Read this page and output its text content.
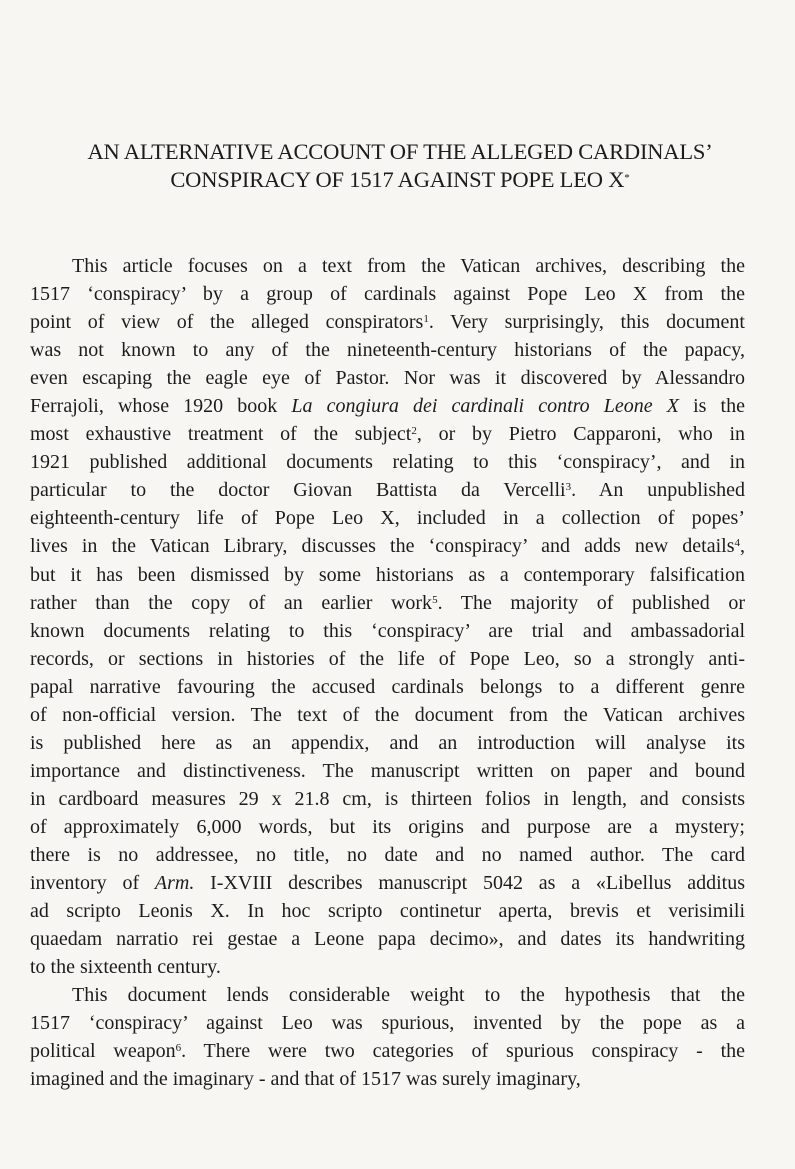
AN ALTERNATIVE ACCOUNT OF THE ALLEGED CARDINALS’
CONSPIRACY OF 1517 AGAINST POPE LEO X*
This article focuses on a text from the Vatican archives, describing the
1517 ‘conspiracy’ by a group of cardinals against Pope Leo X from the
point of view of the alleged conspirators$^1$. Very surprisingly, this document
was not known to any of the nineteenth-century historians of the papacy,
even escaping the eagle eye of Pastor. Nor was it discovered by Alessandro
Ferrajoli, whose 1920 book La congiura dei cardinali contro Leone X is the
most exhaustive treatment of the subject$^2$, or by Pietro Capparoni, who in
1921 published additional documents relating to this ‘conspiracy’, and in
particular to the doctor Giovan Battista da Vercelli$^3$. An unpublished
eighteenth-century life of Pope Leo X, included in a collection of popes’
lives in the Vatican Library, discusses the ‘conspiracy’ and adds new details$^4$,
but it has been dismissed by some historians as a contemporary falsification
rather than the copy of an earlier work$^5$. The majority of published or
known documents relating to this ‘conspiracy’ are trial and ambassadorial
records, or sections in histories of the life of Pope Leo, so a strongly anti-
papal narrative favouring the accused cardinals belongs to a different genre
of non-official version. The text of the document from the Vatican archives
is published here as an appendix, and an introduction will analyse its
importance and distinctiveness. The manuscript written on paper and bound
in cardboard measures 29 x 21.8 cm, is thirteen folios in length, and consists
of approximately 6,000 words, but its origins and purpose are a mystery;
there is no addressee, no title, no date and no named author. The card
inventory of Arm. I-XVIII describes manuscript 5042 as a «Libellus additus
ad scripto Leonis X. In hoc scripto continetur aperta, brevis et verisimili
quaedam narratio rei gestae a Leone papa decimo», and dates its handwriting
to the sixteenth century.
This document lends considerable weight to the hypothesis that the
1517 ‘conspiracy’ against Leo was spurious, invented by the pope as a
political weapon$^6$. There were two categories of spurious conspiracy - the
imagined and the imaginary - and that of 1517 was surely imaginary,
